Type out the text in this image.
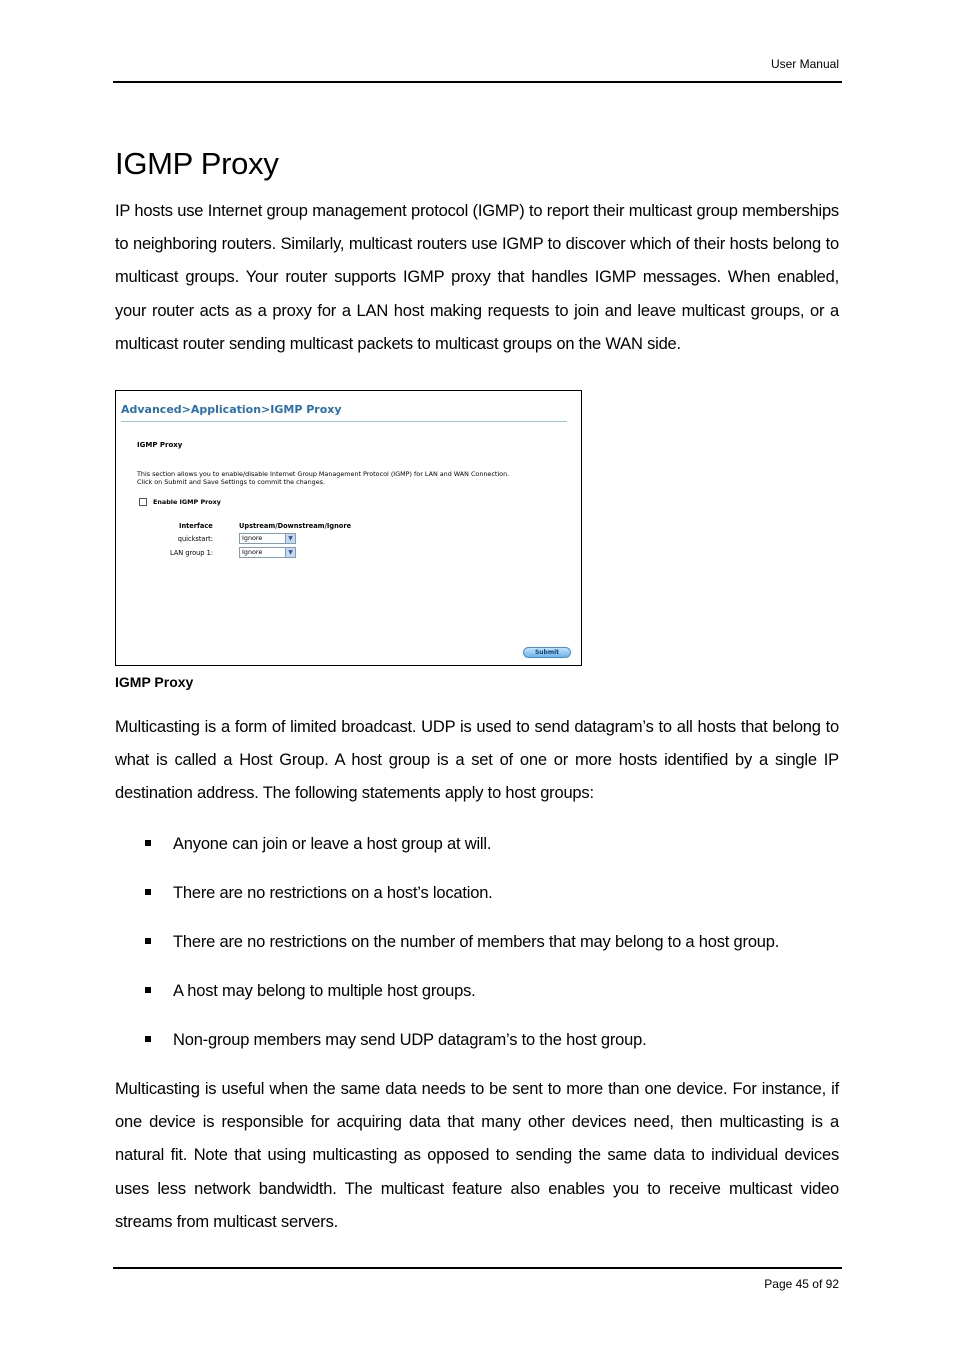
User Manual
IGMP Proxy

IP hosts use Internet group management protocol (IGMP) to report their multicast group memberships to neighboring routers. Similarly, multicast routers use IGMP to discover which of their hosts belong to multicast groups. Your router supports IGMP proxy that handles IGMP messages. When enabled, your router acts as a proxy for a LAN host making requests to join and leave multicast groups, or a multicast router sending multicast packets to multicast groups on the WAN side.

Advanced>Application>IGMP Proxy
IGMP Proxy
This section allows you to enable/disable Internet Group Management Protocol (IGMP) for LAN and WAN Connection.
Click on Submit and Save Settings to commit the changes.
Enable IGMP Proxy
Interface	Upstream/Downstream/Ignore
quickstart:	Ignore	▼
LAN group 1:	Ignore	▼
Submit
IGMP Proxy

Multicasting is a form of limited broadcast. UDP is used to send datagram’s to all hosts that belong to what is called a Host Group. A host group is a set of one or more hosts identified by a single IP destination address. The following statements apply to host groups:

Anyone can join or leave a host group at will.
There are no restrictions on a host’s location.
There are no restrictions on the number of members that may belong to a host group.
A host may belong to multiple host groups.
Non-group members may send UDP datagram’s to the host group.

Multicasting is useful when the same data needs to be sent to more than one device. For instance, if one device is responsible for acquiring data that many other devices need, then multicasting is a natural fit. Note that using multicasting as opposed to sending the same data to individual devices uses less network bandwidth. The multicast feature also enables you to receive multicast video streams from multicast servers.

Page 45 of 92
